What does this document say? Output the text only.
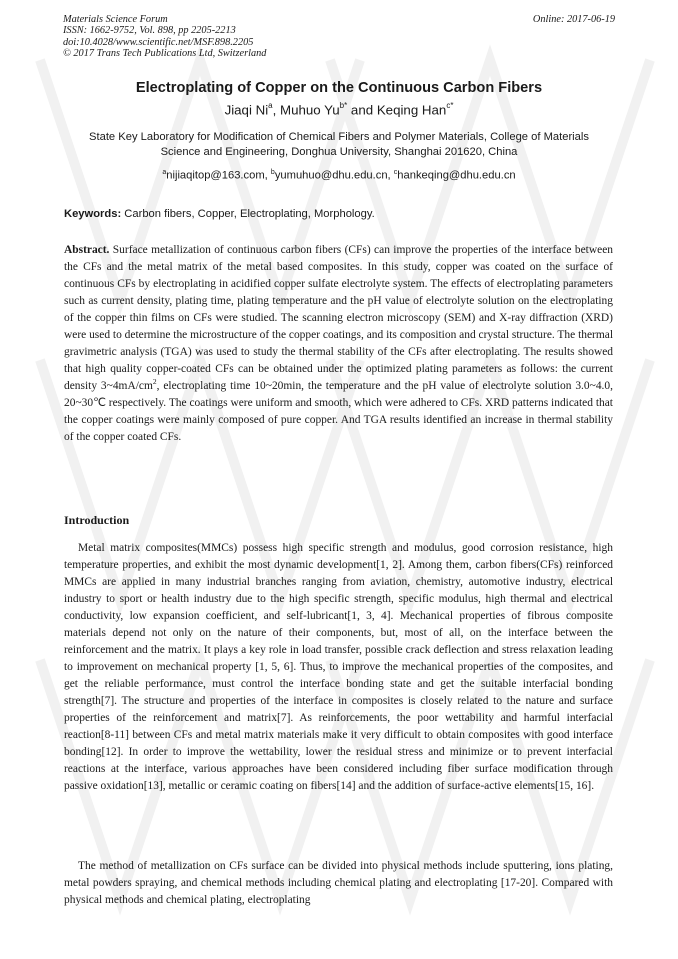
Materials Science Forum
ISSN: 1662-9752, Vol. 898, pp 2205-2213
doi:10.4028/www.scientific.net/MSF.898.2205
© 2017 Trans Tech Publications Ltd, Switzerland
Online: 2017-06-19
Electroplating of Copper on the Continuous Carbon Fibers
Jiaqi Ni$^a$, Muhuo $Yu^{b*}$ and Keqing Han$^{c*}$
State Key Laboratory for Modification of Chemical Fibers and Polymer Materials, College of Materials Science and Engineering, Donghua University, Shanghai 201620, China
$^a$nijiaqitop@163.com, $^b$yumuhuo@dhu.edu.cn, $^c$hankeqing@dhu.edu.cn
Keywords: Carbon fibers, Copper, Electroplating, Morphology.
Abstract. Surface metallization of continuous carbon fibers (CFs) can improve the properties of the interface between the CFs and the metal matrix of the metal based composites. In this study, copper was coated on the surface of continuous CFs by electroplating in acidified copper sulfate electrolyte system. The effects of electroplating parameters such as current density, plating time, plating temperature and the pH value of electrolyte solution on the electroplating of the copper thin films on CFs were studied. The scanning electron microscopy (SEM) and X-ray diffraction (XRD) were used to determine the microstructure of the copper coatings, and its composition and crystal structure. The thermal gravimetric analysis (TGA) was used to study the thermal stability of the CFs after electroplating. The results showed that high quality copper-coated CFs can be obtained under the optimized plating parameters as follows: the current density $3\sim 4mA/cm^2$, electroplating time 10~20min, the temperature and the pH value of electrolyte solution 3.0~4.0, 20~30℃ respectively. The coatings were uniform and smooth, which were adhered to CFs. XRD patterns indicated that the copper coatings were mainly composed of pure copper. And TGA results identified an increase in thermal stability of the copper coated CFs.
Introduction
Metal matrix composites(MMCs) possess high specific strength and modulus, good corrosion resistance, high temperature properties, and exhibit the most dynamic development[1, 2]. Among them, carbon fibers(CFs) reinforced MMCs are applied in many industrial branches ranging from aviation, chemistry, automotive industry, electrical industry to sport or health industry due to the high specific strength, specific modulus, high thermal and electrical conductivity, low expansion coefficient, and self-lubricant[1, 3, 4]. Mechanical properties of fibrous composite materials depend not only on the nature of their components, but, most of all, on the interface between the reinforcement and the matrix. It plays a key role in load transfer, possible crack deflection and stress relaxation leading to improvement on mechanical property [1, 5, 6]. Thus, to improve the mechanical properties of the composites, and get the reliable performance, must control the interface bonding state and get the suitable interfacial bonding strength[7]. The structure and properties of the interface in composites is closely related to the nature and surface properties of the reinforcement and matrix[7]. As reinforcements, the poor wettability and harmful interfacial reaction[8-11] between CFs and metal matrix materials make it very difficult to obtain composites with good interface bonding[12]. In order to improve the wettability, lower the residual stress and minimize or to prevent interfacial reactions at the interface, various approaches have been considered including fiber surface modification through passive oxidation[13], metallic or ceramic coating on fibers[14] and the addition of surface-active elements[15, 16].
The method of metallization on CFs surface can be divided into physical methods include sputtering, ions plating, metal powders spraying, and chemical methods including chemical plating and electroplating [17-20]. Compared with physical methods and chemical plating, electroplating
